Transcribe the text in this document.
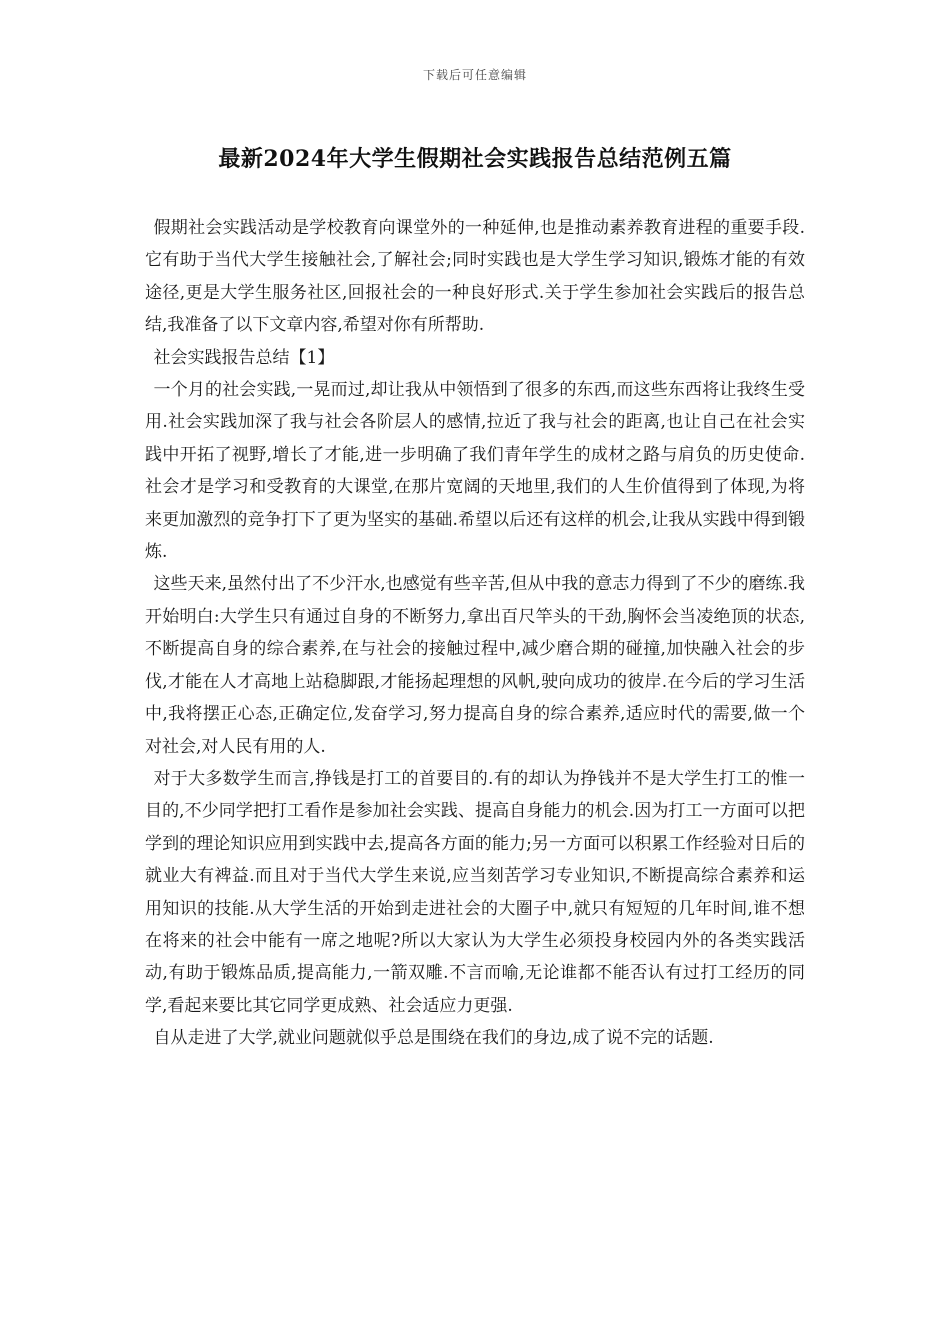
下载后可任意编辑
最新2024年大学生假期社会实践报告总结范例五篇

假期社会实践活动是学校教育向课堂外的一种延伸,也是推动素养教育进程的重要手段.它有助于当代大学生接触社会,了解社会;同时实践也是大学生学习知识,锻炼才能的有效途径,更是大学生服务社区,回报社会的一种良好形式.关于学生参加社会实践后的报告总结,我准备了以下文章内容,希望对你有所帮助.

社会实践报告总结【1】

一个月的社会实践,一晃而过,却让我从中领悟到了很多的东西,而这些东西将让我终生受用.社会实践加深了我与社会各阶层人的感情,拉近了我与社会的距离,也让自己在社会实践中开拓了视野,增长了才能,进一步明确了我们青年学生的成材之路与肩负的历史使命.社会才是学习和受教育的大课堂,在那片宽阔的天地里,我们的人生价值得到了体现,为将来更加激烈的竞争打下了更为坚实的基础.希望以后还有这样的机会,让我从实践中得到锻炼.

这些天来,虽然付出了不少汗水,也感觉有些辛苦,但从中我的意志力得到了不少的磨练.我开始明白:大学生只有通过自身的不断努力,拿出百尺竿头的干劲,胸怀会当凌绝顶的状态,不断提高自身的综合素养,在与社会的接触过程中,减少磨合期的碰撞,加快融入社会的步伐,才能在人才高地上站稳脚跟,才能扬起理想的风帆,驶向成功的彼岸.在今后的学习生活中,我将摆正心态,正确定位,发奋学习,努力提高自身的综合素养,适应时代的需要,做一个对社会,对人民有用的人.

对于大多数学生而言,挣钱是打工的首要目的.有的却认为挣钱并不是大学生打工的惟一目的,不少同学把打工看作是参加社会实践、提高自身能力的机会.因为打工一方面可以把学到的理论知识应用到实践中去,提高各方面的能力;另一方面可以积累工作经验对日后的就业大有裨益.而且对于当代大学生来说,应当刻苦学习专业知识,不断提高综合素养和运用知识的技能.从大学生活的开始到走进社会的大圈子中,就只有短短的几年时间,谁不想在将来的社会中能有一席之地呢?所以大家认为大学生必须投身校园内外的各类实践活动,有助于锻炼品质,提高能力,一箭双雕.不言而喻,无论谁都不能否认有过打工经历的同学,看起来要比其它同学更成熟、社会适应力更强.

自从走进了大学,就业问题就似乎总是围绕在我们的身边,成了说不完的话题.
